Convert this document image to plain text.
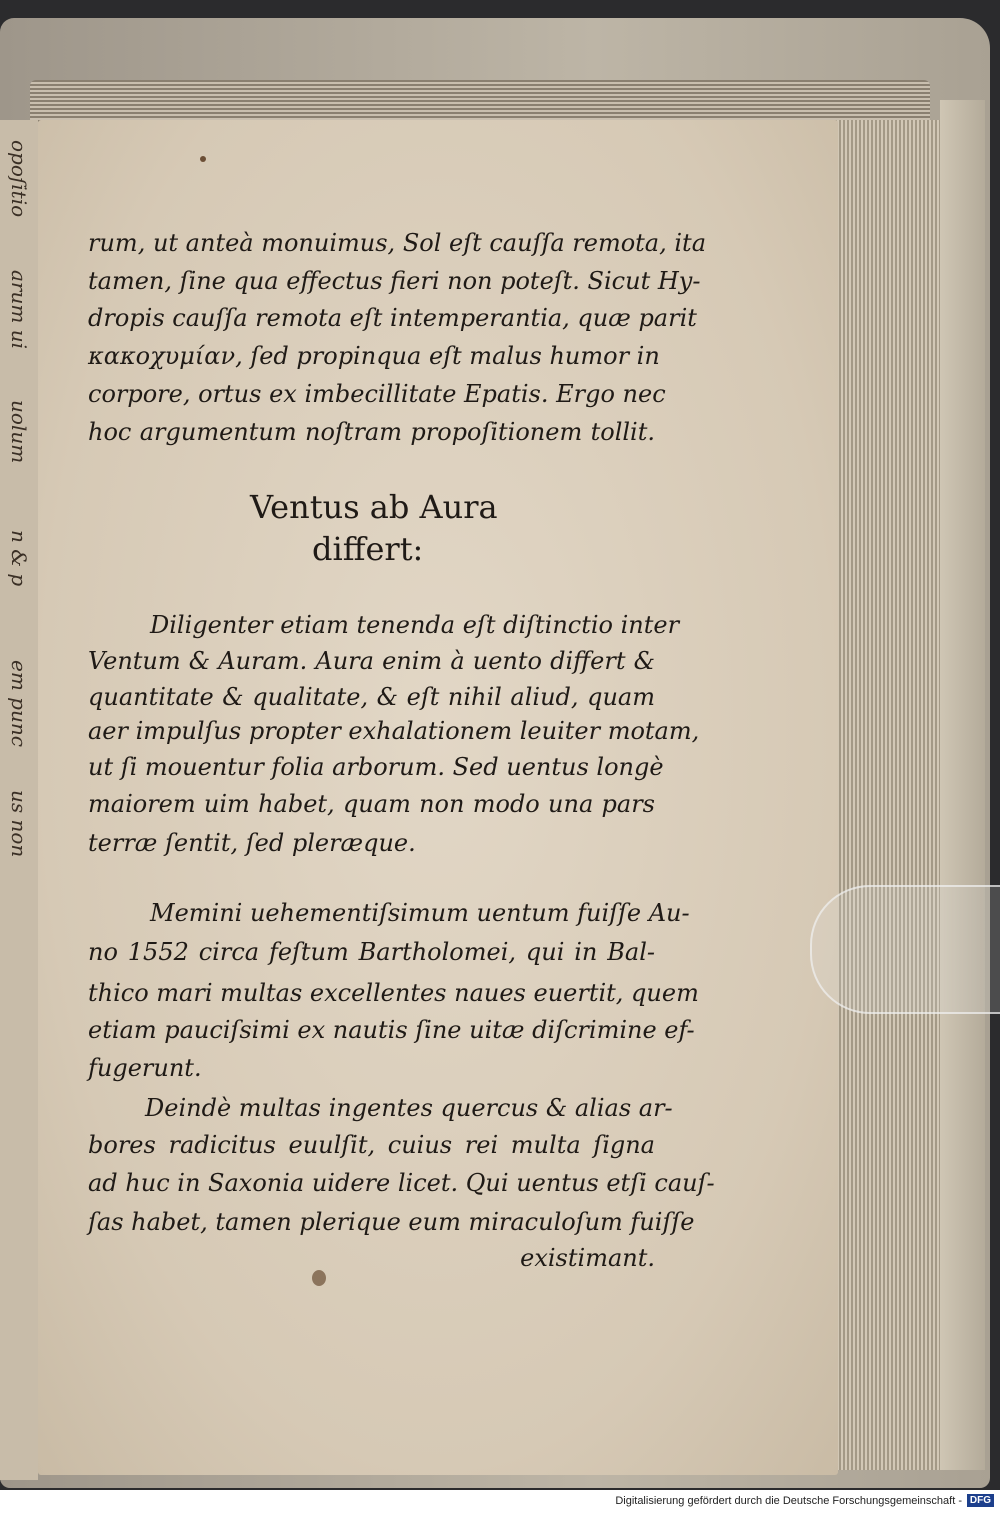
opoſitio
arum ui
uolum
n & p
em punc
us non
rum, ut anteà monuimus, Sol eſt cauſſa remota, ita
tamen, ſine qua effectus fieri non poteſt. Sicut Hy-
dropis cauſſa remota eſt intemperantia, quæ parit
κακοχυμίαν, ſed propinqua eſt malus humor in
corpore, ortus ex imbecillitate Epatis. Ergo nec
hoc argumentum noſtram propoſitionem tollit.
Ventus ab Aura
differt:
Diligenter etiam tenenda eſt diſtinctio inter
Ventum & Auram. Aura enim à uento differt &
quantitate & qualitate, & eſt nihil aliud, quam
aer impulſus propter exhalationem leuiter motam,
ut ſi mouentur folia arborum. Sed uentus longè
maiorem uim habet, quam non modo una pars
terræ ſentit, ſed pleræque.
Memini uehementiſsimum uentum fuiſſe Au-
no 1552 circa feſtum Bartholomei, qui in Bal-
thico mari multas excellentes naues euertit, quem
etiam pauciſsimi ex nautis ſine uitæ diſcrimine ef-
fugerunt.
Deindè multas ingentes quercus & alias ar-
bores radicitus euulſit, cuius rei multa ſigna
ad huc in Saxonia uidere licet. Qui uentus etſi cauſ-
ſas habet, tamen plerique eum miraculoſum fuiſſe
existimant.
Digitalisierung gefördert durch die Deutsche Forschungsgemeinschaft - DFG
